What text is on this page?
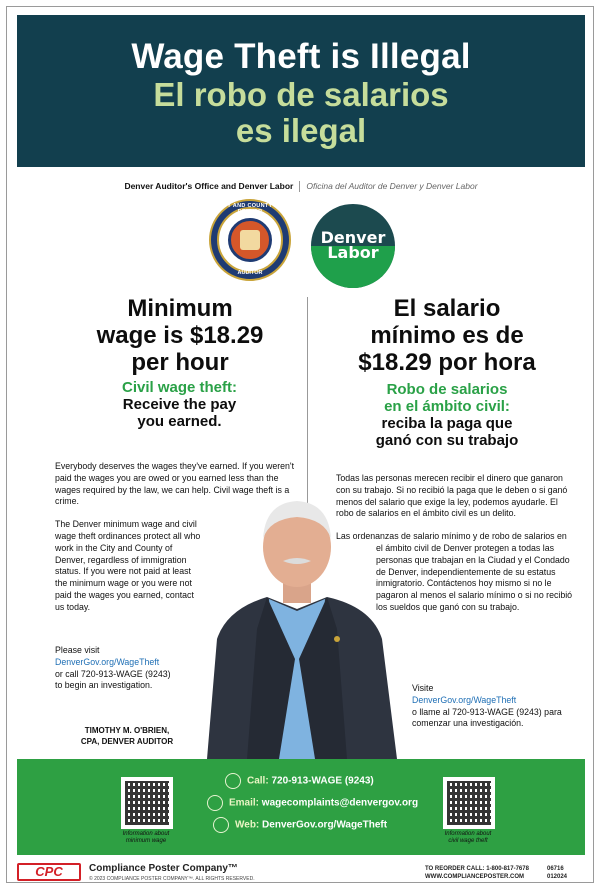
Wage Theft is Illegal
El robo de salarios
es ilegal
Denver Auditor's Office and Denver Labor Oficina del Auditor de Denver y Denver Labor
CITY AND COUNTY OF DENVER
AUDITOR
Denver
Labor
Minimum
wage is $18.29
per hour
El salario
mínimo es de
$18.29 por hora
Civil wage theft:
Receive the pay
you earned.
Robo de salarios
en el ámbito civil:
reciba la paga que
ganó con su trabajo

Everybody deserves the wages they've earned. If you weren't paid the wages you are owed or you earned less than the wages required by the law, we can help. Civil wage theft is a crime.

The Denver minimum wage and civil wage theft ordinances protect all who work in the City and County of Denver, regardless of immigration status. If you were not paid at least the minimum wage or you were not paid the wages you earned, contact us today.

Please visit
DenverGov.org/WageTheft
or call 720-913-WAGE (9243)
to begin an investigation.
TIMOTHY M. O'BRIEN,
CPA, DENVER AUDITOR

Todas las personas merecen recibir el dinero que ganaron con su trabajo. Si no recibió la paga que le deben o si ganó menos del salario que exige la ley, podemos ayudarle. El robo de salarios en el ámbito civil es un delito.

Las ordenanzas de salario mínimo y de robo de salarios en el ámbito civil de Denver protegen a todas las personas que trabajan en la Ciudad y el Condado de Denver, independientemente de su estatus inmigratorio. Contáctenos hoy mismo si no le pagaron al menos el salario mínimo o si no recibió los sueldos que ganó con su trabajo.

Visite
DenverGov.org/WageTheft
o llame al 720-913-WAGE (9243) para comenzar una investigación.
Information about
minimum wage
Information about
civil wage theft
Call: 720-913-WAGE (9243)
Email: wagecomplaints@denvergov.org
Web: DenverGov.org/WageTheft
CPC	Compliance Poster Company™
© 2023 COMPLIANCE POSTER COMPANY™. ALL RIGHTS RESERVED.
TO REORDER CALL: 1-800-817-7678
WWW.COMPLIANCEPOSTER.COM
06716
012024
